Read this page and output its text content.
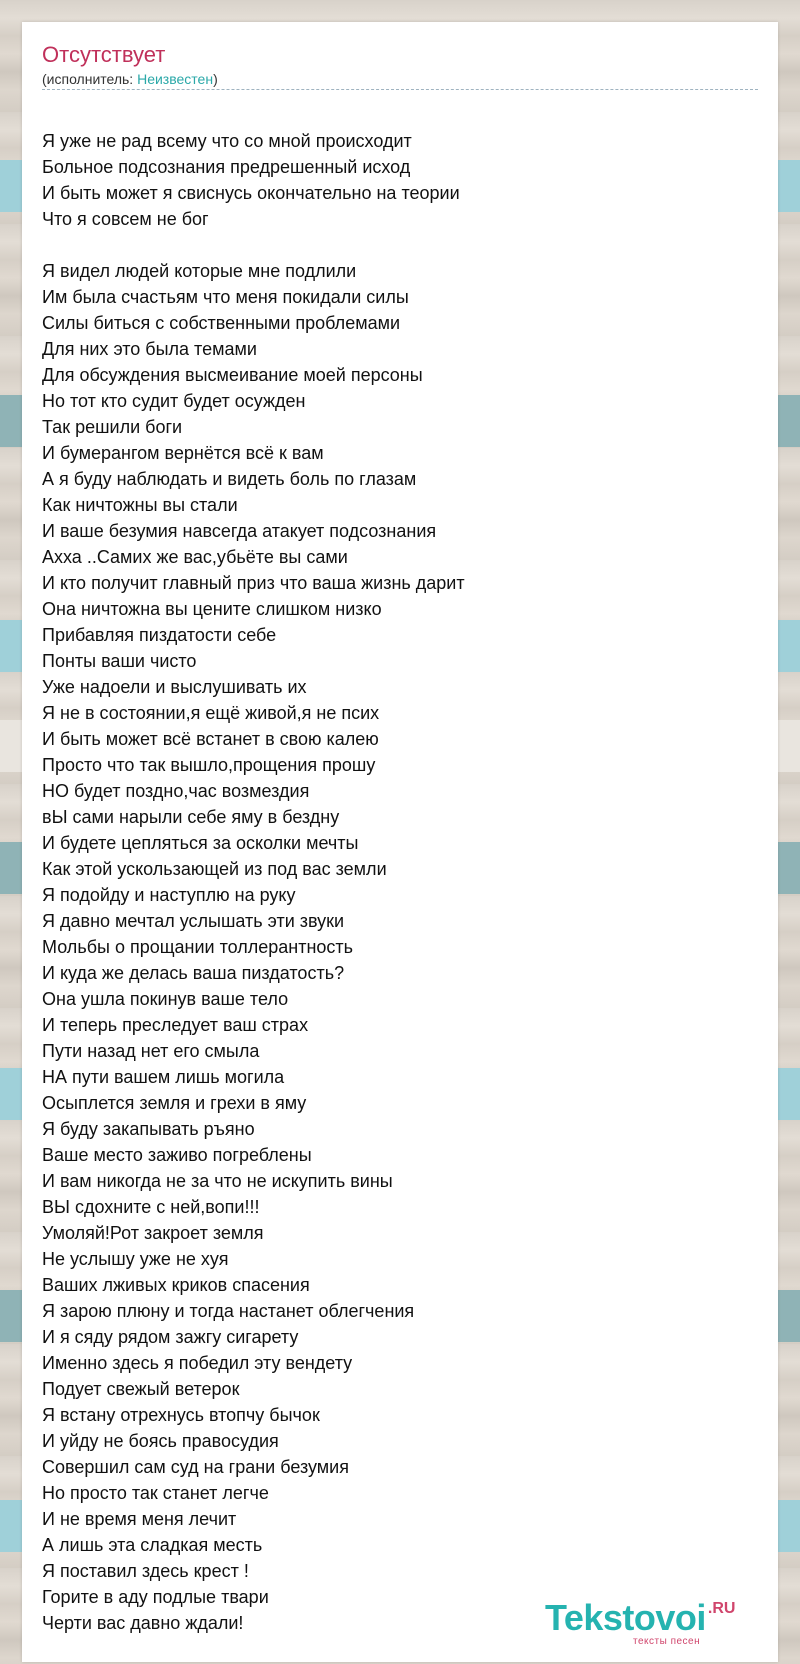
Отсутствует
(исполнитель: Неизвестен)
Я уже не рад всему что со мной происходит
Больное подсознания предрешенный исход
И быть может я свиснусь окончательно на теории
Что я совсем не бог
Я видел людей которые мне подлили
Им была счастьям что меня покидали силы
Силы биться с собственными проблемами
Для них это была темами
Для обсуждения высмеивание моей персоны
Но тот кто судит будет осужден
Так решили боги
И бумерангом вернётся всё к вам
А я буду наблюдать и видеть боль по глазам
Как ничтожны вы стали
И ваше безумия навсегда атакует подсознания
Ахха ..Самих же вас,убьёте вы сами
И кто получит главный приз что ваша жизнь дарит
Она ничтожна вы цените слишком низко
Прибавляя пиздатости себе
Понты ваши чисто
Уже надоели и выслушивать их
Я не в состоянии,я ещё живой,я не псих
И быть может всё встанет в свою калею
Просто что так вышло,прощения прошу
НО будет поздно,час возмездия
вЫ сами нарыли себе яму в бездну
И будете цепляться за осколки мечты
Как этой ускользающей из под вас земли
Я подойду и наступлю на руку
Я давно мечтал услышать эти звуки
Мольбы о прощании толлерантность
И куда же делась ваша пиздатость?
Она ушла покинув ваше тело
И теперь преследует ваш страх
Пути назад нет его смыла
НА пути вашем лишь могила
Осыплется земля и грехи в яму
Я буду закапывать ръяно
Ваше место заживо погреблены
И вам никогда не за что не искупить вины
ВЫ сдохните с ней,вопи!!!
Умоляй!Рот закроет земля
Не услышу уже не хуя
Ваших лживых криков спасения
Я зарою плюну и тогда настанет облегчения
И я сяду рядом зажгу сигарету
Именно здесь я победил эту вендету
Подует свежый ветерок
Я встану отрехнусь втопчу бычок
И уйду не боясь правосудия
Совершил сам суд на грани безумия
Но просто так станет легче
И не время меня лечит
А лишь эта сладкая месть
Я поставил здесь крест !
Горите в аду подлые твари
Черти вас давно ждали!	Tekstovoi .RU
тексты песен
